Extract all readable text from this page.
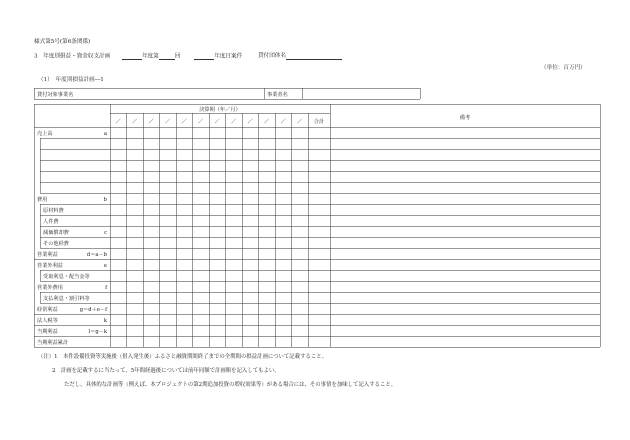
様式第5号(第6条関係)
3　年度別損益・資金収支計画	年度第	回	年度目案件	貸付団体名
（単位：百万円）
（1）　年度別損益計画―1
貸付対象事業名	事業者名
決算期（年／月）
備考
／ ／ ／ ／ ／ ／ ／ ／ ／ ／ ／ ／ 合計
売上高	a
費用	b
原材料費
人件費
減価償却費	c
その他経費
営業利益	d＝a－b
営業外利益	e
受取利息・配当金等
営業外費用	f
支払利息・割引料等
経常利益	g＝d＋e－f
法人税等	k
当期利益	l＝g－k
当期利益累計
（注）1　本件設備投資等実施後（借入発生後）ふるさと融資期間終了までの全期間の損益計画について記載すること。
2　計画を記載するに当たって、5年間経過後については前年同額で計画額を記入してもよい。
ただし、具体的な計画等（例えば、本プロジェクトの第2期追加投資の増収効果等）がある場合には、その事情を加味して記入すること。
